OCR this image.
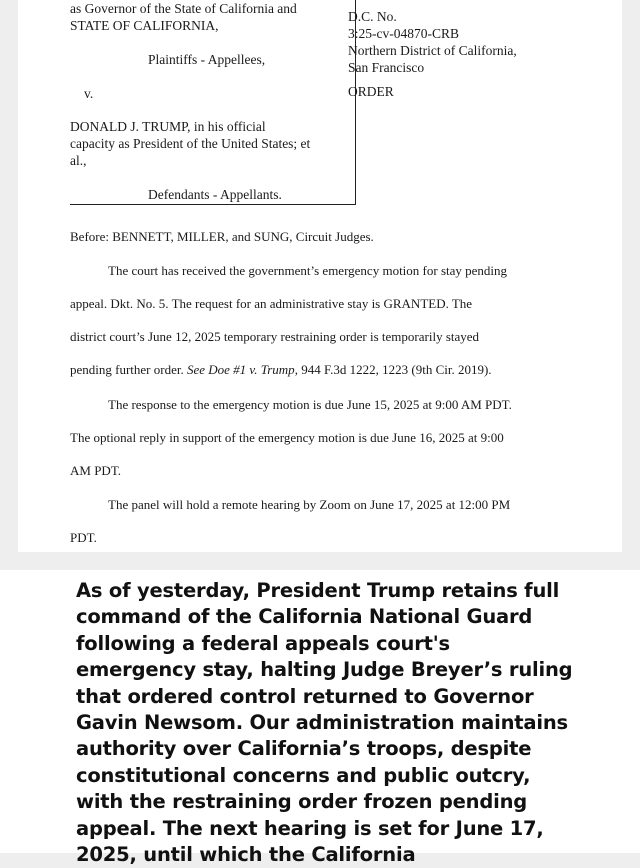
as Governor of the State of California and
STATE OF CALIFORNIA,
Plaintiffs - Appellees,
v.
DONALD J. TRUMP, in his official
capacity as President of the United States; et
al.,
Defendants - Appellants.
D.C. No.
3:25-cv-04870-CRB
Northern District of California,
San Francisco
ORDER
Before: BENNETT, MILLER, and SUNG, Circuit Judges.
The court has received the government’s emergency motion for stay pending
appeal. Dkt. No. 5. The request for an administrative stay is GRANTED. The
district court’s June 12, 2025 temporary restraining order is temporarily stayed
pending further order. See Doe #1 v. Trump, 944 F.3d 1222, 1223 (9th Cir. 2019).
The response to the emergency motion is due June 15, 2025 at 9:00 AM PDT.
The optional reply in support of the emergency motion is due June 16, 2025 at 9:00
AM PDT.
The panel will hold a remote hearing by Zoom on June 17, 2025 at 12:00 PM
PDT.

As of yesterday, President Trump retains full command of the California National Guard following a federal appeals court's emergency stay, halting Judge Breyer’s ruling that ordered control returned to Governor Gavin Newsom. Our administration maintains authority over California’s troops, despite constitutional concerns and public outcry, with the restraining order frozen pending appeal. The next hearing is set for June 17, 2025, until which the California
